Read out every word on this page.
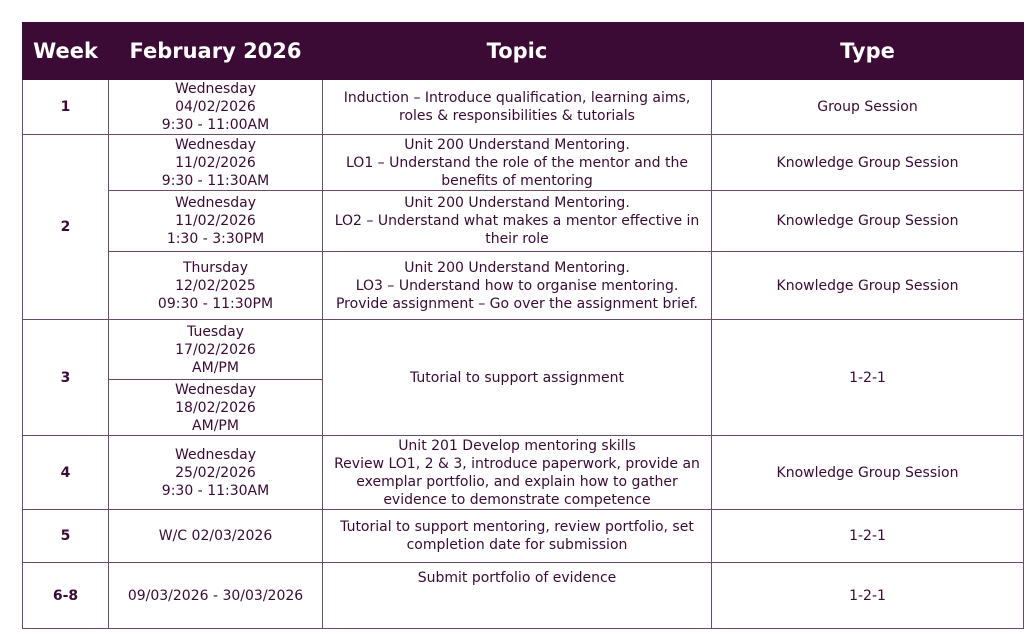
Week	February 2026	Topic	Type
1	Wednesday
04/02/2026
9:30 - 11:00AM	Induction – Introduce qualification, learning aims,
roles & responsibilities & tutorials	Group Session
2	Wednesday
11/02/2026
9:30 - 11:30AM	Unit 200 Understand Mentoring.
LO1 – Understand the role of the mentor and the
benefits of mentoring	Knowledge Group Session

	Wednesday
11/02/2026
1:30 - 3:30PM	Unit 200 Understand Mentoring.
LO2 – Understand what makes a mentor effective in
their role	Knowledge Group Session

	Thursday
12/02/2025
09:30 - 11:30PM	Unit 200 Understand Mentoring.
LO3 – Understand how to organise mentoring.
Provide assignment – Go over the assignment brief.	Knowledge Group Session
3	Tuesday
17/02/2026
AM/PM	Tutorial to support assignment	1-2-1

	Wednesday
18/02/2026
AM/PM		

4	Wednesday
25/02/2026
9:30 - 11:30AM	Unit 201 Develop mentoring skills
Review LO1, 2 & 3, introduce paperwork, provide an
exemplar portfolio, and explain how to gather
evidence to demonstrate competence	Knowledge Group Session
5	W/C 02/03/2026	Tutorial to support mentoring, review portfolio, set
completion date for submission	1-2-1
6-8	09/03/2026 - 30/03/2026	Submit portfolio of evidence	1-2-1
